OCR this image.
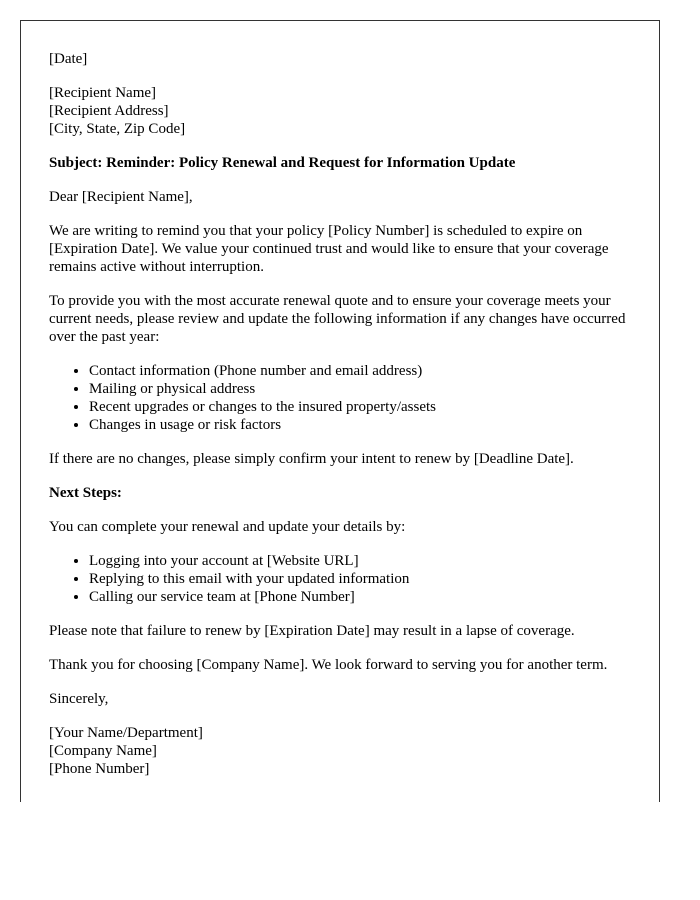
[Date]

[Recipient Name]
[Recipient Address]
[City, State, Zip Code]

Subject: Reminder: Policy Renewal and Request for Information Update

Dear [Recipient Name],

We are writing to remind you that your policy [Policy Number] is scheduled to expire on [Expiration Date]. We value your continued trust and would like to ensure that your coverage remains active without interruption.

To provide you with the most accurate renewal quote and to ensure your coverage meets your current needs, please review and update the following information if any changes have occurred over the past year:

• Contact information (Phone number and email address)
• Mailing or physical address
• Recent upgrades or changes to the insured property/assets
• Changes in usage or risk factors

If there are no changes, please simply confirm your intent to renew by [Deadline Date].

Next Steps:

You can complete your renewal and update your details by:

• Logging into your account at [Website URL]
• Replying to this email with your updated information
• Calling our service team at [Phone Number]

Please note that failure to renew by [Expiration Date] may result in a lapse of coverage.

Thank you for choosing [Company Name]. We look forward to serving you for another term.

Sincerely,

[Your Name/Department]
[Company Name]
[Phone Number]
